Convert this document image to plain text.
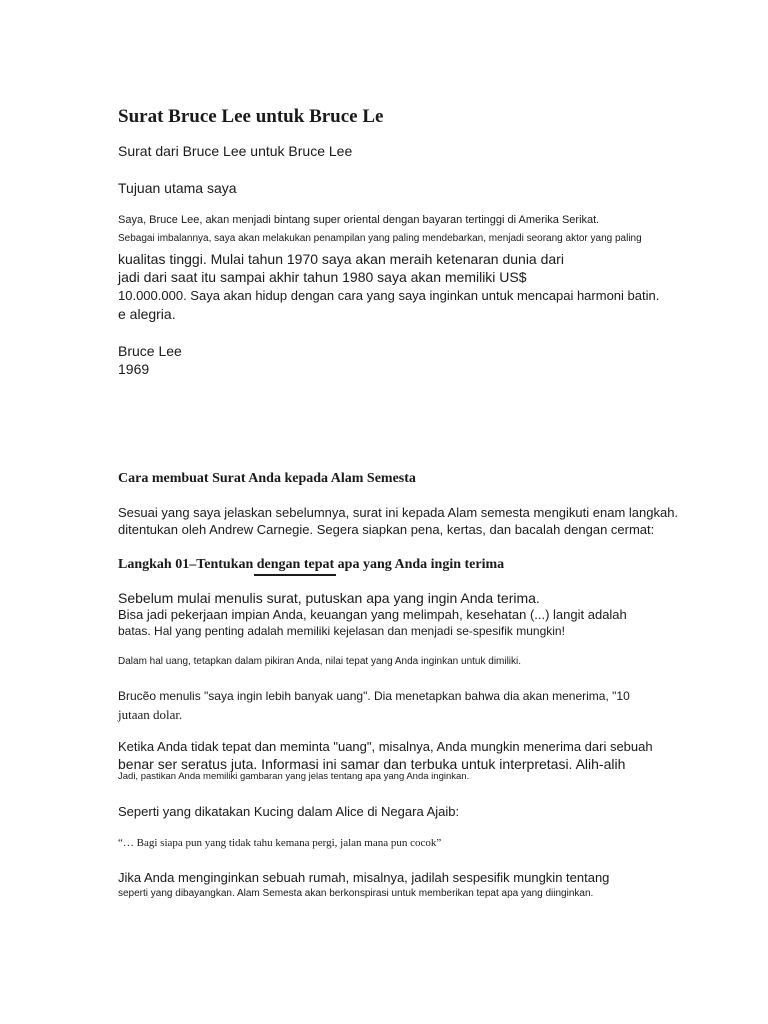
Surat Bruce Lee untuk Bruce Le

Surat dari Bruce Lee untuk Bruce Lee

Tujuan utama saya

Saya, Bruce Lee, akan menjadi bintang super oriental dengan bayaran tertinggi di Amerika Serikat.

Sebagai imbalannya, saya akan melakukan penampilan yang paling mendebarkan, menjadi seorang aktor yang paling

kualitas tinggi. Mulai tahun 1970 saya akan meraih ketenaran dunia dari

jadi dari saat itu sampai akhir tahun 1980 saya akan memiliki US$

10.000.000. Saya akan hidup dengan cara yang saya inginkan untuk mencapai harmoni batin.

e alegria.

Bruce Lee

1969

Cara membuat Surat Anda kepada Alam Semesta

Sesuai yang saya jelaskan sebelumnya, surat ini kepada Alam semesta mengikuti enam langkah.

ditentukan oleh Andrew Carnegie. Segera siapkan pena, kertas, dan bacalah dengan cermat:

Langkah 01–Tentukan dengan tepat apa yang Anda ingin terima

Sebelum mulai menulis surat, putuskan apa yang ingin Anda terima.

Bisa jadi pekerjaan impian Anda, keuangan yang melimpah, kesehatan (...) langit adalah

batas. Hal yang penting adalah memiliki kejelasan dan menjadi se-spesifik mungkin!

Dalam hal uang, tetapkan dalam pikiran Anda, nilai tepat yang Anda inginkan untuk dimiliki.

Brucẽo menulis "saya ingin lebih banyak uang". Dia menetapkan bahwa dia akan menerima, "10

jutaan dolar.

Ketika Anda tidak tepat dan meminta "uang", misalnya, Anda mungkin menerima dari sebuah

benar ser seratus juta. Informasi ini samar dan terbuka untuk interpretasi. Alih-alih

Jadi, pastikan Anda memiliki gambaran yang jelas tentang apa yang Anda inginkan.

Seperti yang dikatakan Kucing dalam Alice di Negara Ajaib:

“… Bagi siapa pun yang tidak tahu kemana pergi, jalan mana pun cocok”

Jika Anda menginginkan sebuah rumah, misalnya, jadilah sespesifik mungkin tentang

seperti yang dibayangkan. Alam Semesta akan berkonspirasi untuk memberikan tepat apa yang diinginkan.
